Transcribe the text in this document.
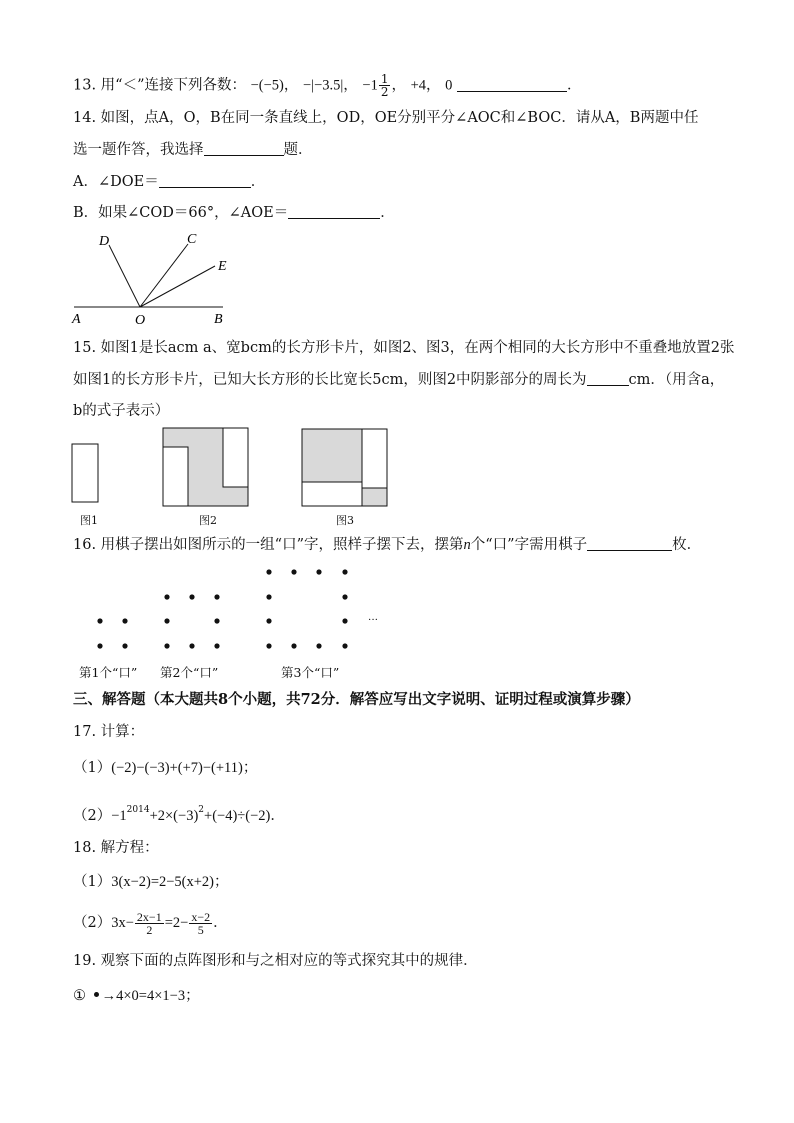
13. 用“＜”连接下列各数： −(−5)， −|−3.5|， $-1 \frac{1}{2}$ ， +4， 0	．
14. 如图，点A，O，B在同一条直线上，OD，OE分别平分∠AOC和∠BOC．请从A，B两题中任
选一题作答，我选择	题．
A．∠DOE＝	．
B．如果∠COD＝66°，∠AOE＝	．
D	C
E
A	O	B
15. 如图1是长acm a、宽bcm的长方形卡片，如图2、图3，在两个相同的大长方形中不重叠地放置2张
如图1的长方形卡片，已知大长方形的长比宽长5cm，则图2中阴影部分的周长为	cm．（用含a，
b的式子表示）
图1	图2	图3
16. 用棋子摆出如图所示的一组“口”字，照样子摆下去，摆第n个“口”字需用棋子	枚．
···
第1个“口” 第2个“口”	第3个“口”
三、解答题（本大题共8个小题，共72分．解答应写出文字说明、证明过程或演算步骤）
17. 计算：
（1）(−2)−(−3)+(+7)−(+11)；
$(2)-1^{2014}+2\times(-3)^2+(-4)\div(-2)$．
18. 解方程：
（1）3(x−2)=2−5(x+2)；
$(2)3x- \frac{2x-1}{2} =2- \frac{x-2}{5}$ ．
19. 观察下面的点阵图形和与之相对应的等式探究其中的规律．
① →4×0=4×1−3；
